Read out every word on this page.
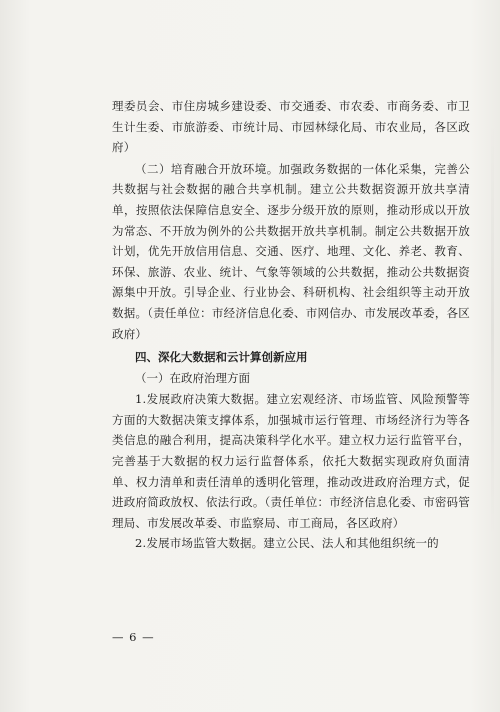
理委员会、市住房城乡建设委、市交通委、市农委、市商务委、市卫生计生委、市旅游委、市统计局、市园林绿化局、市农业局，各区政府）

（二）培育融合开放环境。加强政务数据的一体化采集，完善公共数据与社会数据的融合共享机制。建立公共数据资源开放共享清单，按照依法保障信息安全、逐步分级开放的原则，推动形成以开放为常态、不开放为例外的公共数据开放共享机制。制定公共数据开放计划，优先开放信用信息、交通、医疗、地理、文化、养老、教育、环保、旅游、农业、统计、气象等领域的公共数据，推动公共数据资源集中开放。引导企业、行业协会、科研机构、社会组织等主动开放数据。（责任单位：市经济信息化委、市网信办、市发展改革委，各区政府）

四、深化大数据和云计算创新应用

（一）在政府治理方面

1.发展政府决策大数据。建立宏观经济、市场监管、风险预警等方面的大数据决策支撑体系，加强城市运行管理、市场经济行为等各类信息的融合利用，提高决策科学化水平。建立权力运行监管平台，完善基于大数据的权力运行监督体系，依托大数据实现政府负面清单、权力清单和责任清单的透明化管理，推动改进政府治理方式，促进政府简政放权、依法行政。（责任单位：市经济信息化委、市密码管理局、市发展改革委、市监察局、市工商局，各区政府）

2.发展市场监管大数据。建立公民、法人和其他组织统一的

— 6 —
